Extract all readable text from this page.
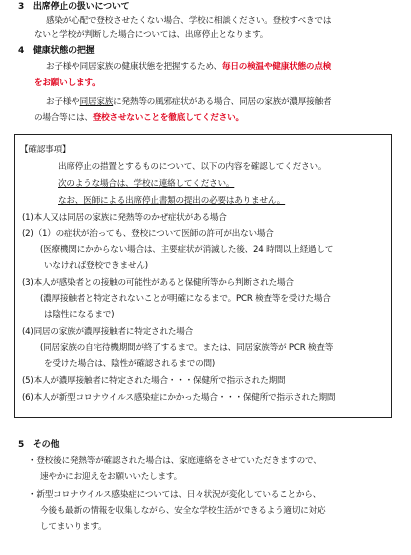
3　出席停止の扱いについて
感染が心配で登校させたくない場合、学校に相談ください。登校すべきでは
ないと学校が判断した場合については、出席停止となります。
4　健康状態の把握
お子様や同居家族の健康状態を把握するため、毎日の検温や健康状態の点検
をお願いします。
お子様や同居家族に発熱等の風邪症状がある場合、同居の家族が濃厚接触者
の場合等には、登校させないことを徹底してください。
【確認事項】
出席停止の措置とするものについて、以下の内容を確認してください。
次のような場合は、学校に連絡してください。
なお、医師による出席停止書類の提出の必要はありません。
(1)本人又は同居の家族に発熱等のかぜ症状がある場合
(2)（1）の症状が治っても、登校について医師の許可が出ない場合
(医療機関にかからない場合は、主要症状が消滅した後、24 時間以上経過して
いなければ登校できません)
(3)本人が感染者との接触の可能性があると保健所等から判断された場合
(濃厚接触者と特定されないことが明確になるまで。PCR 検査等を受けた場合
は陰性になるまで)
(4)同居の家族が濃厚接触者に特定された場合
(同居家族の自宅待機期間が終了するまで。または、同居家族等が PCR 検査等
を受けた場合は、陰性が確認されるまでの間)
(5)本人が濃厚接触者に特定された場合・・・保健所で指示された期間
(6)本人が新型コロナウイルス感染症にかかった場合・・・保健所で指示された期間
5　その他
・登校後に発熱等が確認された場合は、家庭連絡をさせていただきますので、
速やかにお迎えをお願いいたします。
・新型コロナウイルス感染症については、日々状況が変化していることから、
今後も最新の情報を収集しながら、安全な学校生活ができるよう適切に対応
してまいります。
